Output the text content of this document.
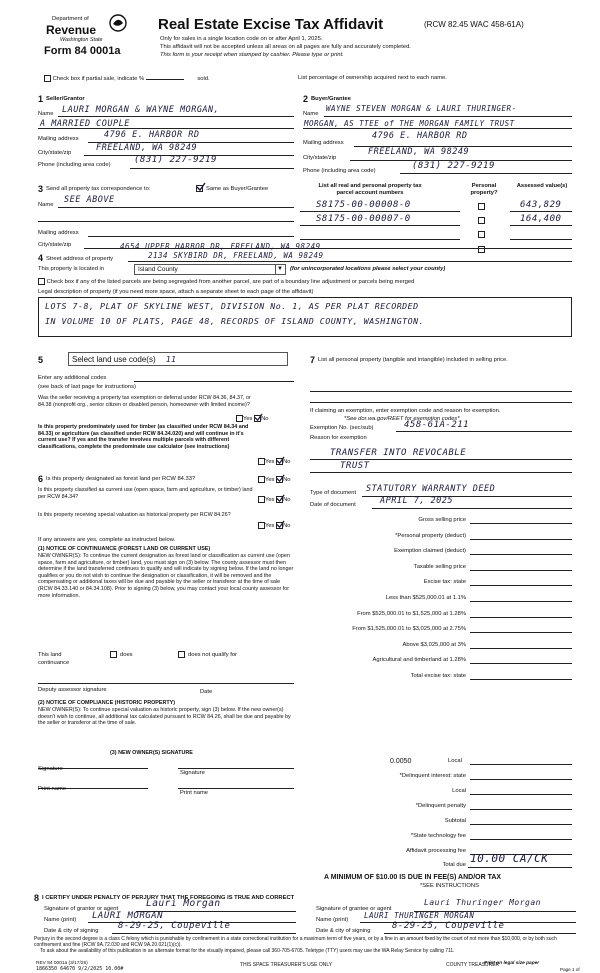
Department of
Revenue
Washington State
Form 84 0001a
Real Estate Excise Tax Affidavit	(RCW 82.45 WAC 458-61A)
Only for sales in a single location code on or after April 1, 2025.
This affidavit will not be accepted unless all areas on all pages are fully and accurately completed.
This form is your receipt when stamped by cashier. Please type or print.
Check box if partial sale, indicate %	sold.	List percentage of ownership acquired next to each name.
1 Seller/Grantor
Name LAURI MORGAN & WAYNE MORGAN,
A MARRIED COUPLE
Mailing address	4796 E. HARBOR RD
City/state/zip	FREELAND, WA 98249
Phone (including area code)	(831) 227-9219
2 Buyer/Grantee
Name
WAYNE STEVEN MORGAN & LAURI THURINGER-
MORGAN, AS TTEE of THE MORGAN FAMILY TRUST
Mailing address
4796 E. HARBOR RD
City/state/zip
FREELAND, WA 98249
Phone (including area code)	(831) 227-9219
3 Send all property tax correspondence to:	Same as Buyer/Grantee
Name SEE ABOVE
Mailing address
City/state/zip
List all real and personal property tax parcel account numbers
Personal property?
Assessed value(s)
S8175-00-00008-0	643,829
S8175-00-00007-0	164,400
4654 UPPER HARBOR DR, FREELAND, WA 98249
4 Street address of property	2134 SKYBIRD DR, FREELAND, WA 98249
This property is located in	Island County	▼ (for unincorporated locations please select your county)
Check box if any of the listed parcels are being segregated from another parcel, are part of a boundary line adjustment or parcels being merged
Legal description of property (if you need more space, attach a separate sheet to each page of the affidavit)
LOTS 7-8, PLAT OF SKYLINE WEST, DIVISION No. 1, AS PER PLAT RECORDED
IN VOLUME 10 OF PLATS, PAGE 48, RECORDS OF ISLAND COUNTY, WASHINGTON.
5	Select land use code(s) 11
Enter any additional codes
(see back of last page for instructions)
Was the seller receiving a property tax exemption or deferral under RCW 84.36, 84.37, or 84.38 (nonprofit org., senior citizen or disabled person, homeowner with limited income)?
Yes No
Is this property predominately used for timber (as classified under RCW 84.34 and 84.33) or agriculture (as classified under RCW 84.34.020) and will continue in it's current use? If yes and the transfer involves multiple parcels with different classifications, complete the predominate use calculator (see instructions)
Yes No
6 Is this property designated as forest land per RCW 84.33?	Yes No
Is this property classified as current use (open space, farm and agriculture, or timber) land per RCW 84.34?
Yes No
Is this property receiving special valuation as historical property per RCW 84.26?
Yes No
If any answers are yes, complete as instructed below.
(1) NOTICE OF CONTINUANCE (FOREST LAND OR CURRENT USE)
NEW OWNER(S): To continue the current designation as forest land or classification as current use (open space, farm and agriculture, or timber) land, you must sign on (3) below. The county assessor must then determine if the land transferred continues to qualify and will indicate by signing below. If the land no longer qualifies or you do not wish to continue the designation or classification, it will be removed and the compensating or additional taxes will be due and payable by the seller or transferor at the time of sale (RCW 84.33.140 or 84.34.108). Prior to signing (3) below, you may contact your local county assessor for more information.
This land
continuance
does	does not qualify for
Deputy assessor signature	Date
(2) NOTICE OF COMPLIANCE (HISTORIC PROPERTY)
NEW OWNER(S): To continue special valuation as historic property, sign (3) below. If the new owner(s) doesn't wish to continue, all additional tax calculated pursuant to RCW 84.26, shall be due and payable by the seller or transferor at the time of sale.
(3) NEW OWNER(S) SIGNATURE
Signature
Signature
Print name
Print name
7 List all personal property (tangible and intangible) included in selling price.
If claiming an exemption, enter exemption code and reason for exemption.
*See dor.wa.gov/REET for exemption codes*
Exemption No. (sec/sub)	458-61A-211
Reason for exemption
TRANSFER INTO REVOCABLE
TRUST
Type of document STATUTORY WARRANTY DEED
Date of document	APRIL 7, 2025
Gross selling price
*Personal property (deduct)
Exemption claimed (deduct)
Taxable selling price
Excise tax: state
Less than $525,000.01 at 1.1%
From $525,000.01 to $1,525,000 at 1.28%
From $1,525,000.01 to $3,025,000 at 2.75%
Above $3,025,000 at 3%
Agricultural and timberland at 1.28%
Total excise tax: state
0.0050	Local
*Delinquent interest: state
Local
*Delinquent penalty
Subtotal
*State technology fee
Affidavit processing fee
Total due 10.00 CA/CK
A MINIMUM OF $10.00 IS DUE IN FEE(S) AND/OR TAX
*SEE INSTRUCTIONS
8 I CERTIFY UNDER PENALTY OF PERJURY THAT THE FOREGOING IS TRUE AND CORRECT
Signature of grantor or agent	Lauri Morgan
Name (print) LAURI MORGAN
Date & city of signing 8-29-25, Coupeville
Signature of grantee or agent
Lauri Thuringer Morgan
Name (print) LAURI THURINGER MORGAN
Date & city of signing 8-29-25, Coupeville
Perjury in the second degree is a class C felony which is punishable by confinement in a state correctional institution for a maximum term of five years, or by a fine in an amount fixed by the court of not more than $10,000, or by both such confinement and fine (RCW 9A.72.030 and RCW 9A.20.021(1)(c)).
To ask about the availability of this publication in an alternate format for the visually impaired, please call 360-705-6705. Teletype (TTY) users may use the WA Relay Service by calling 711.
REV 84 0001a (3/17/25)
1866350 64670 9/2/2025 10.00#
THIS SPACE TREASURER'S USE ONLY	COUNTY TREASURER
Print on legal size paper
Page 1 of
